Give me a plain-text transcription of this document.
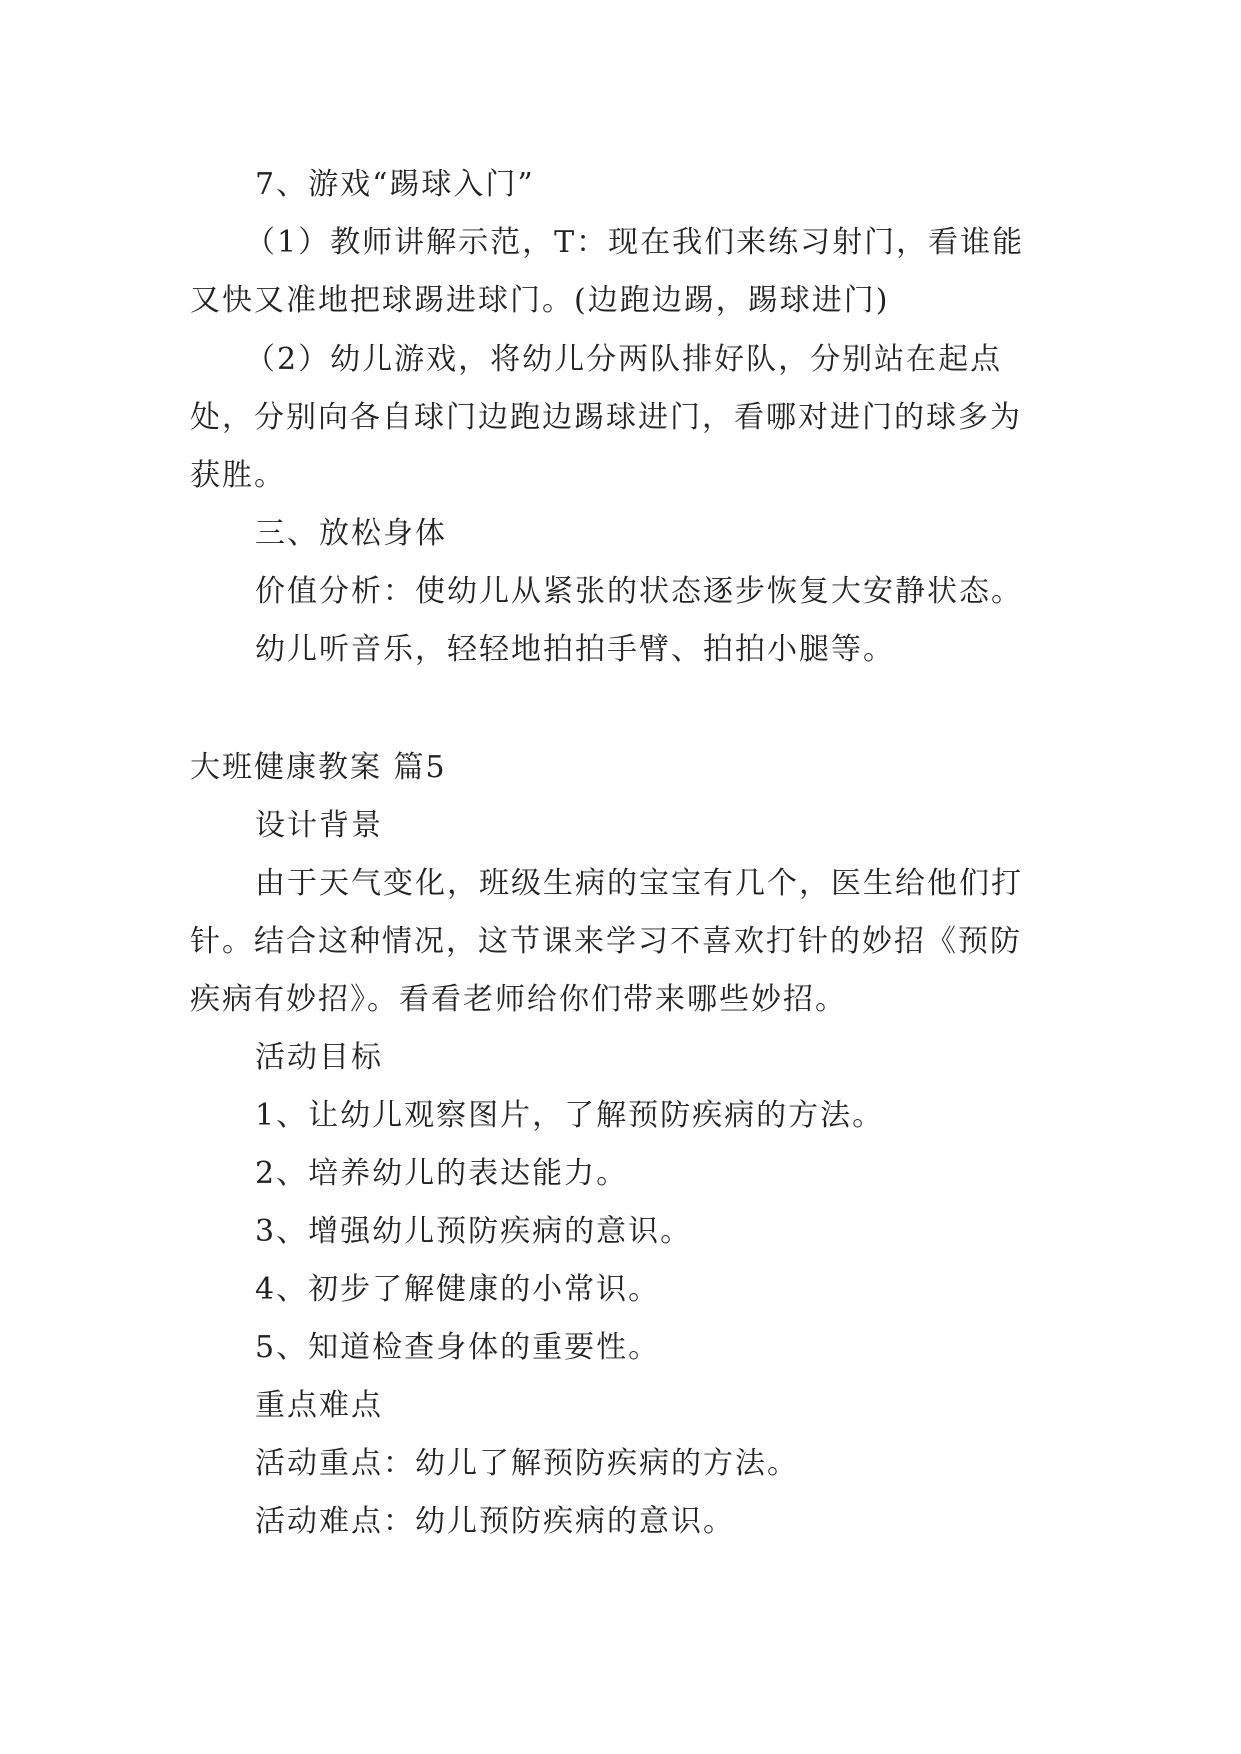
7、游戏“踢球入门”
（1）教师讲解示范，T：现在我们来练习射门，看谁能
又快又准地把球踢进球门。(边跑边踢，踢球进门)
（2）幼儿游戏，将幼儿分两队排好队，分别站在起点
处，分别向各自球门边跑边踢球进门，看哪对进门的球多为
获胜。
三、放松身体
价值分析：使幼儿从紧张的状态逐步恢复大安静状态。
幼儿听音乐，轻轻地拍拍手臂、拍拍小腿等。
大班健康教案 篇5
设计背景
由于天气变化，班级生病的宝宝有几个，医生给他们打
针。结合这种情况，这节课来学习不喜欢打针的妙招《预防
疾病有妙招》。看看老师给你们带来哪些妙招。
活动目标
1、让幼儿观察图片，了解预防疾病的方法。
2、培养幼儿的表达能力。
3、增强幼儿预防疾病的意识。
4、初步了解健康的小常识。
5、知道检查身体的重要性。
重点难点
活动重点：幼儿了解预防疾病的方法。
活动难点：幼儿预防疾病的意识。
